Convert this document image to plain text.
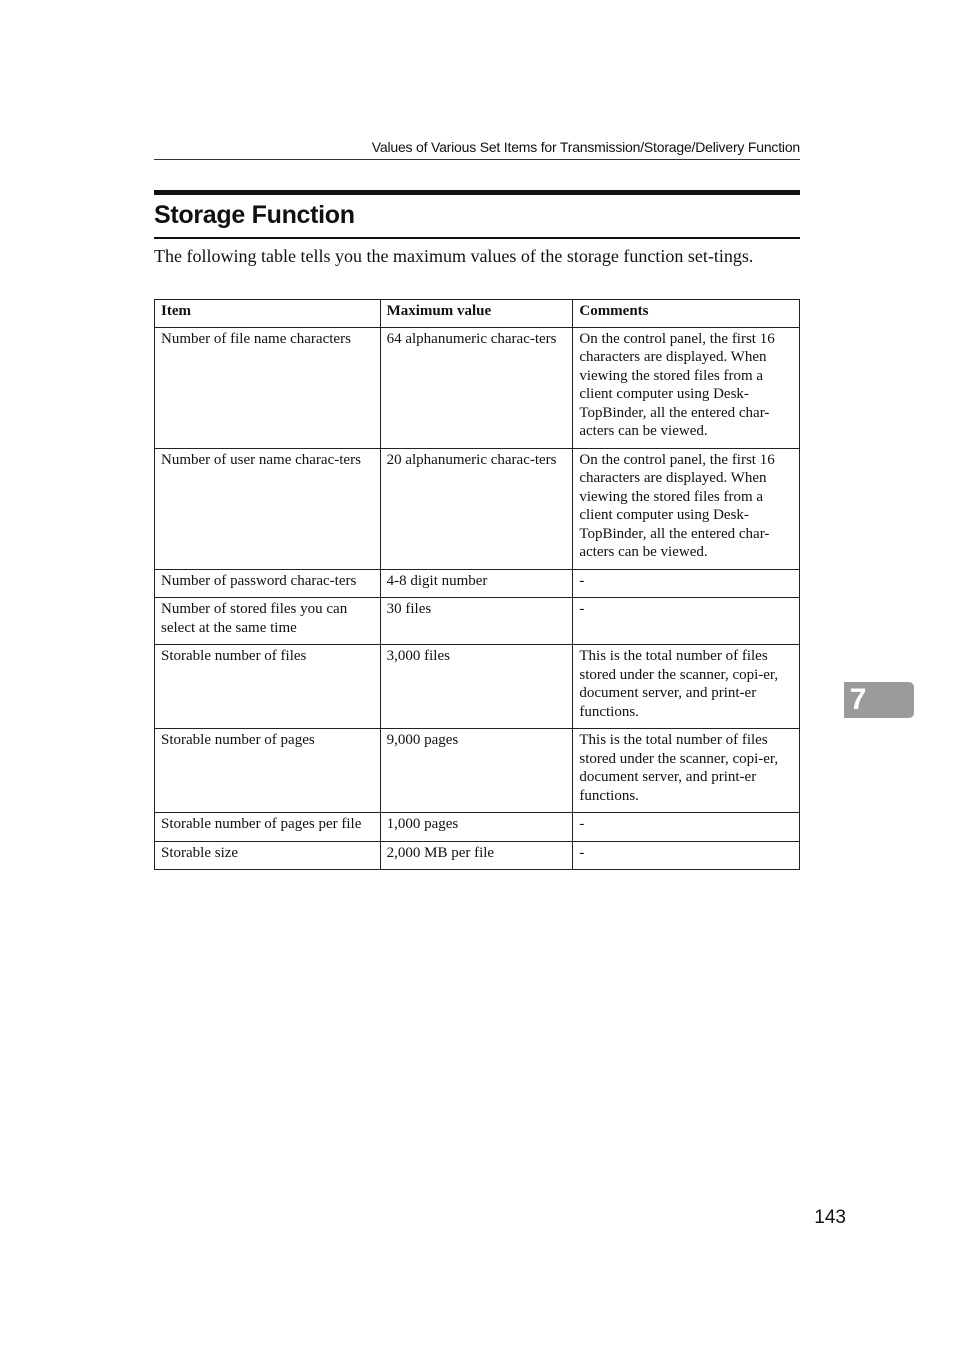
Values of Various Set Items for Transmission/Storage/Delivery Function
Storage Function
The following table tells you the maximum values of the storage function set-tings.
Item	Maximum value	Comments
Number of file name characters	64 alphanumeric charac-ters	On the control panel, the first 16 characters are displayed. When viewing the stored files from a client computer using Desk-TopBinder, all the entered char-acters can be viewed.
Number of user name charac-ters	20 alphanumeric charac-ters	On the control panel, the first 16 characters are displayed. When viewing the stored files from a client computer using Desk-TopBinder, all the entered char-acters can be viewed.
Number of password charac-ters	4-8 digit number	-
Number of stored files you can select at the same time	30 files	-
Storable number of files	3,000 files	This is the total number of files stored under the scanner, copi-er, document server, and print-er functions.
Storable number of pages	9,000 pages	This is the total number of files stored under the scanner, copi-er, document server, and print-er functions.
Storable number of pages per file	1,000 pages	-
Storable size	2,000 MB per file	-
7
143
